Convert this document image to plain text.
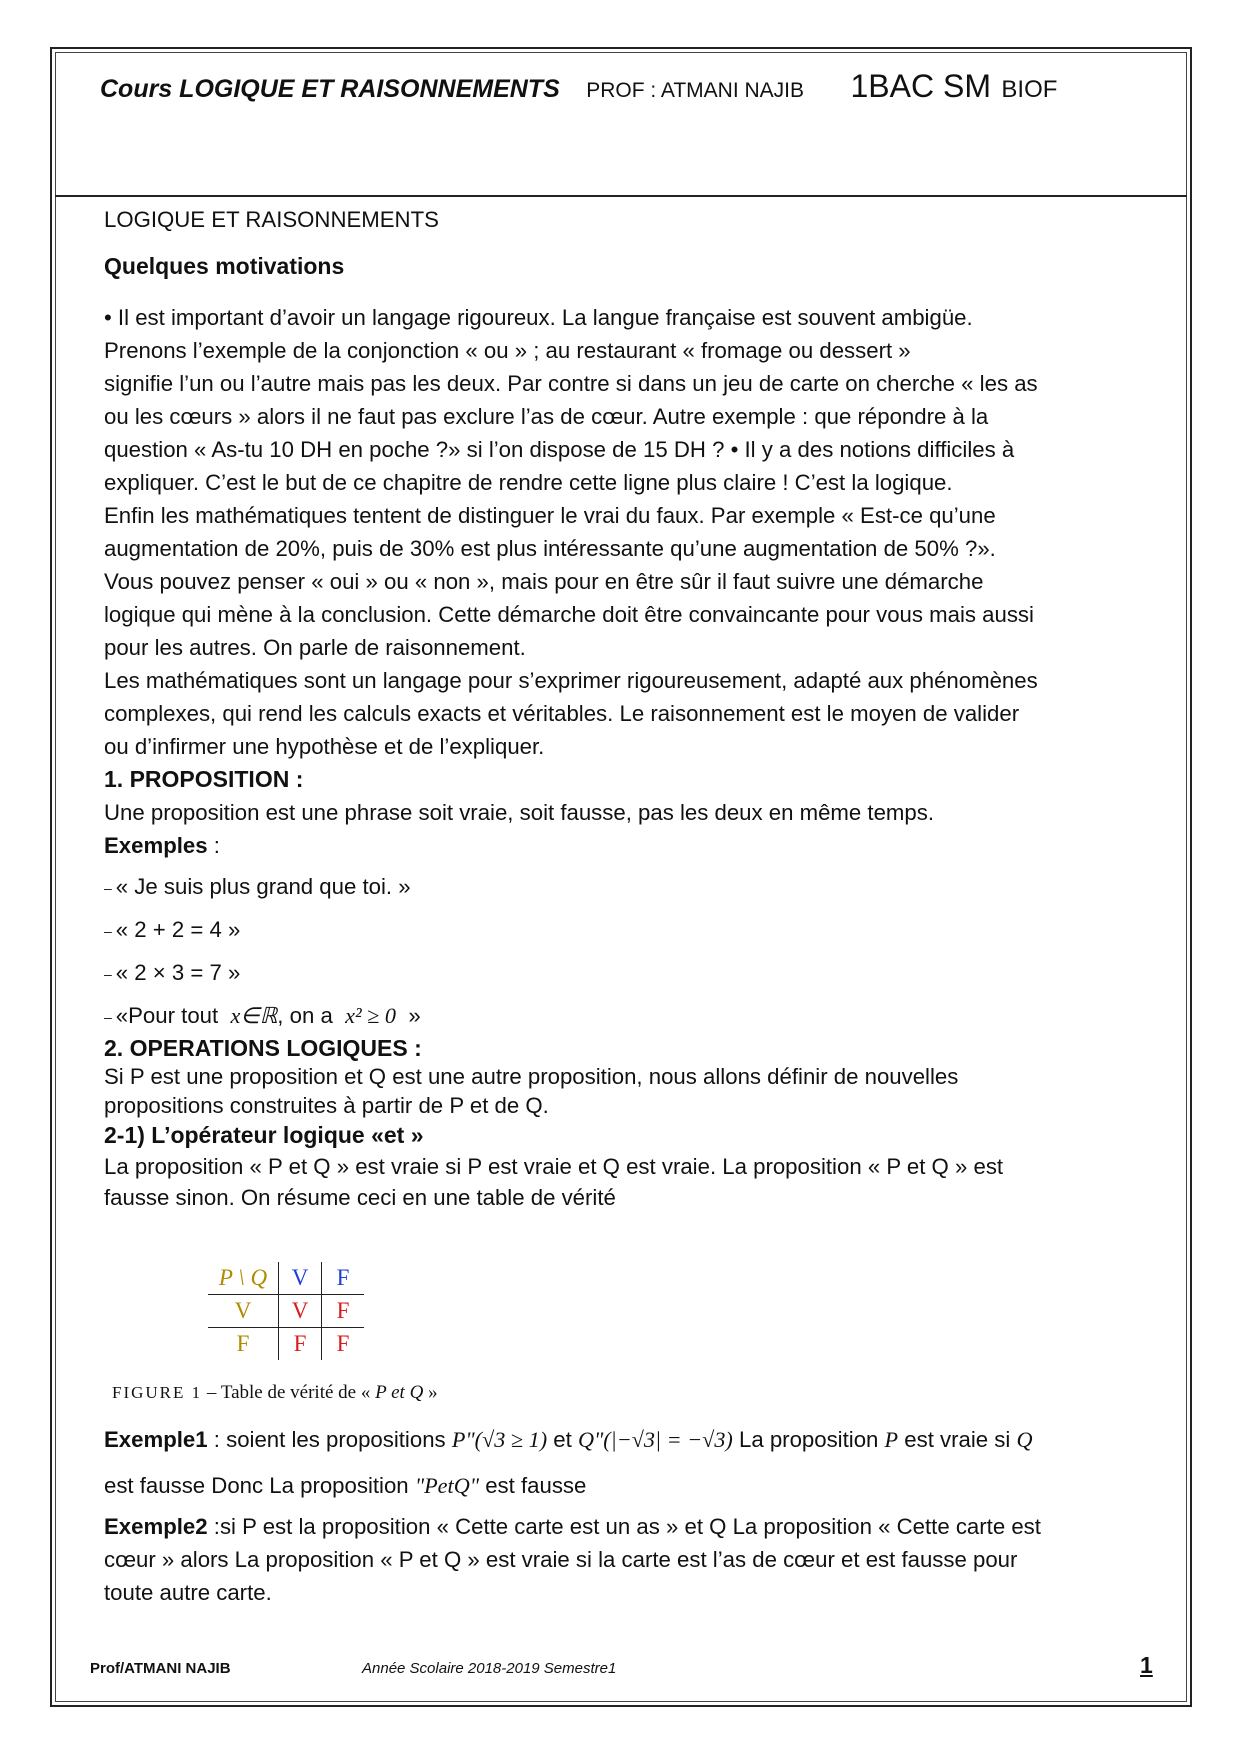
Cours LOGIQUE ET RAISONNEMENTS PROF : ATMANI NAJIB 1BAC SM BIOF

LOGIQUE ET RAISONNEMENTS

Quelques motivations

• Il est important d’avoir un langage rigoureux. La langue française est souvent ambigüe.

Prenons l’exemple de la conjonction « ou » ; au restaurant « fromage ou dessert »

signifie l’un ou l’autre mais pas les deux. Par contre si dans un jeu de carte on cherche « les as

ou les cœurs » alors il ne faut pas exclure l’as de cœur. Autre exemple : que répondre à la

question « As-tu 10 DH en poche ?» si l’on dispose de 15 DH ? • Il y a des notions difficiles à

expliquer. C’est le but de ce chapitre de rendre cette ligne plus claire ! C’est la logique.

Enfin les mathématiques tentent de distinguer le vrai du faux. Par exemple « Est-ce qu’une

augmentation de 20%, puis de 30% est plus intéressante qu’une augmentation de 50% ?».

Vous pouvez penser « oui » ou « non », mais pour en être sûr il faut suivre une démarche

logique qui mène à la conclusion. Cette démarche doit être convaincante pour vous mais aussi

pour les autres. On parle de raisonnement.

Les mathématiques sont un langage pour s’exprimer rigoureusement, adapté aux phénomènes

complexes, qui rend les calculs exacts et véritables. Le raisonnement est le moyen de valider

ou d’infirmer une hypothèse et de l’expliquer.

1. PROPOSITION :

Une proposition est une phrase soit vraie, soit fausse, pas les deux en même temps.

Exemples :

– « Je suis plus grand que toi. »

– « 2 + 2 = 4 »

– « 2 × 3 = 7 »

– «Pour tout x∈ℝ, on a x² ≥ 0 »

2. OPERATIONS LOGIQUES :

Si P est une proposition et Q est une autre proposition, nous allons définir de nouvelles

propositions construites à partir de P et de Q.

2-1) L’opérateur logique «et »

La proposition « P et Q » est vraie si P est vraie et Q est vraie. La proposition « P et Q » est

fausse sinon. On résume ceci en une table de vérité

P \ Q	V	F
V	V	F
F	F	F
FIGURE 1 – Table de vérité de « P et Q »

Exemple1 : soient les propositions P"(√3 ≥ 1) et Q"(|−√3| = −√3) La proposition P est vraie si Q

est fausse Donc La proposition "PetQ" est fausse

Exemple2 :si P est la proposition « Cette carte est un as » et Q La proposition « Cette carte est

cœur » alors La proposition « P et Q » est vraie si la carte est l’as de cœur et est fausse pour

toute autre carte.

Prof/ATMANI NAJIB	Année Scolaire 2018-2019 Semestre1	1
